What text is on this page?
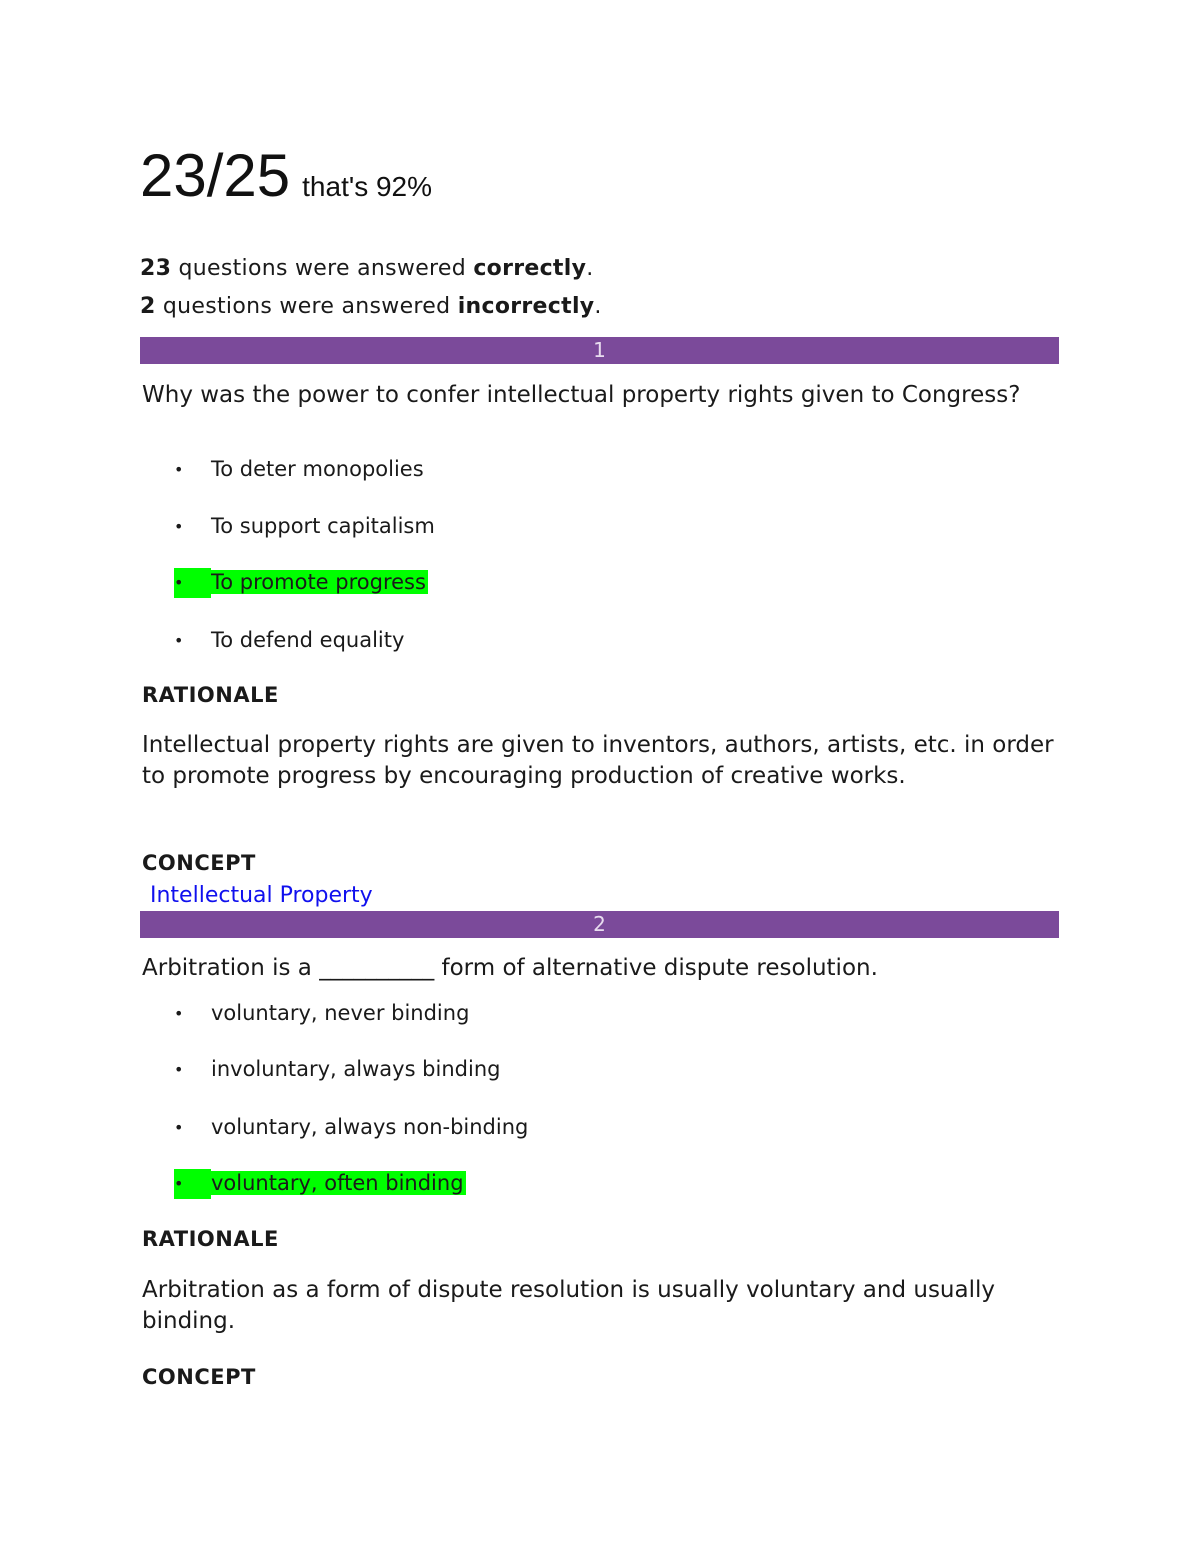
23/25 that's 92%
23 questions were answered correctly.
2 questions were answered incorrectly.
1
Why was the power to confer intellectual property rights given to Congress?
• To deter monopolies
• To support capitalism
• To promote progress
• To defend equality
RATIONALE
Intellectual property rights are given to inventors, authors, artists, etc. in order to promote progress by encouraging production of creative works.
CONCEPT
Intellectual Property
2
Arbitration is a __________ form of alternative dispute resolution.
• voluntary, never binding
• involuntary, always binding
• voluntary, always non-binding
• voluntary, often binding
RATIONALE
Arbitration as a form of dispute resolution is usually voluntary and usually binding.
CONCEPT
